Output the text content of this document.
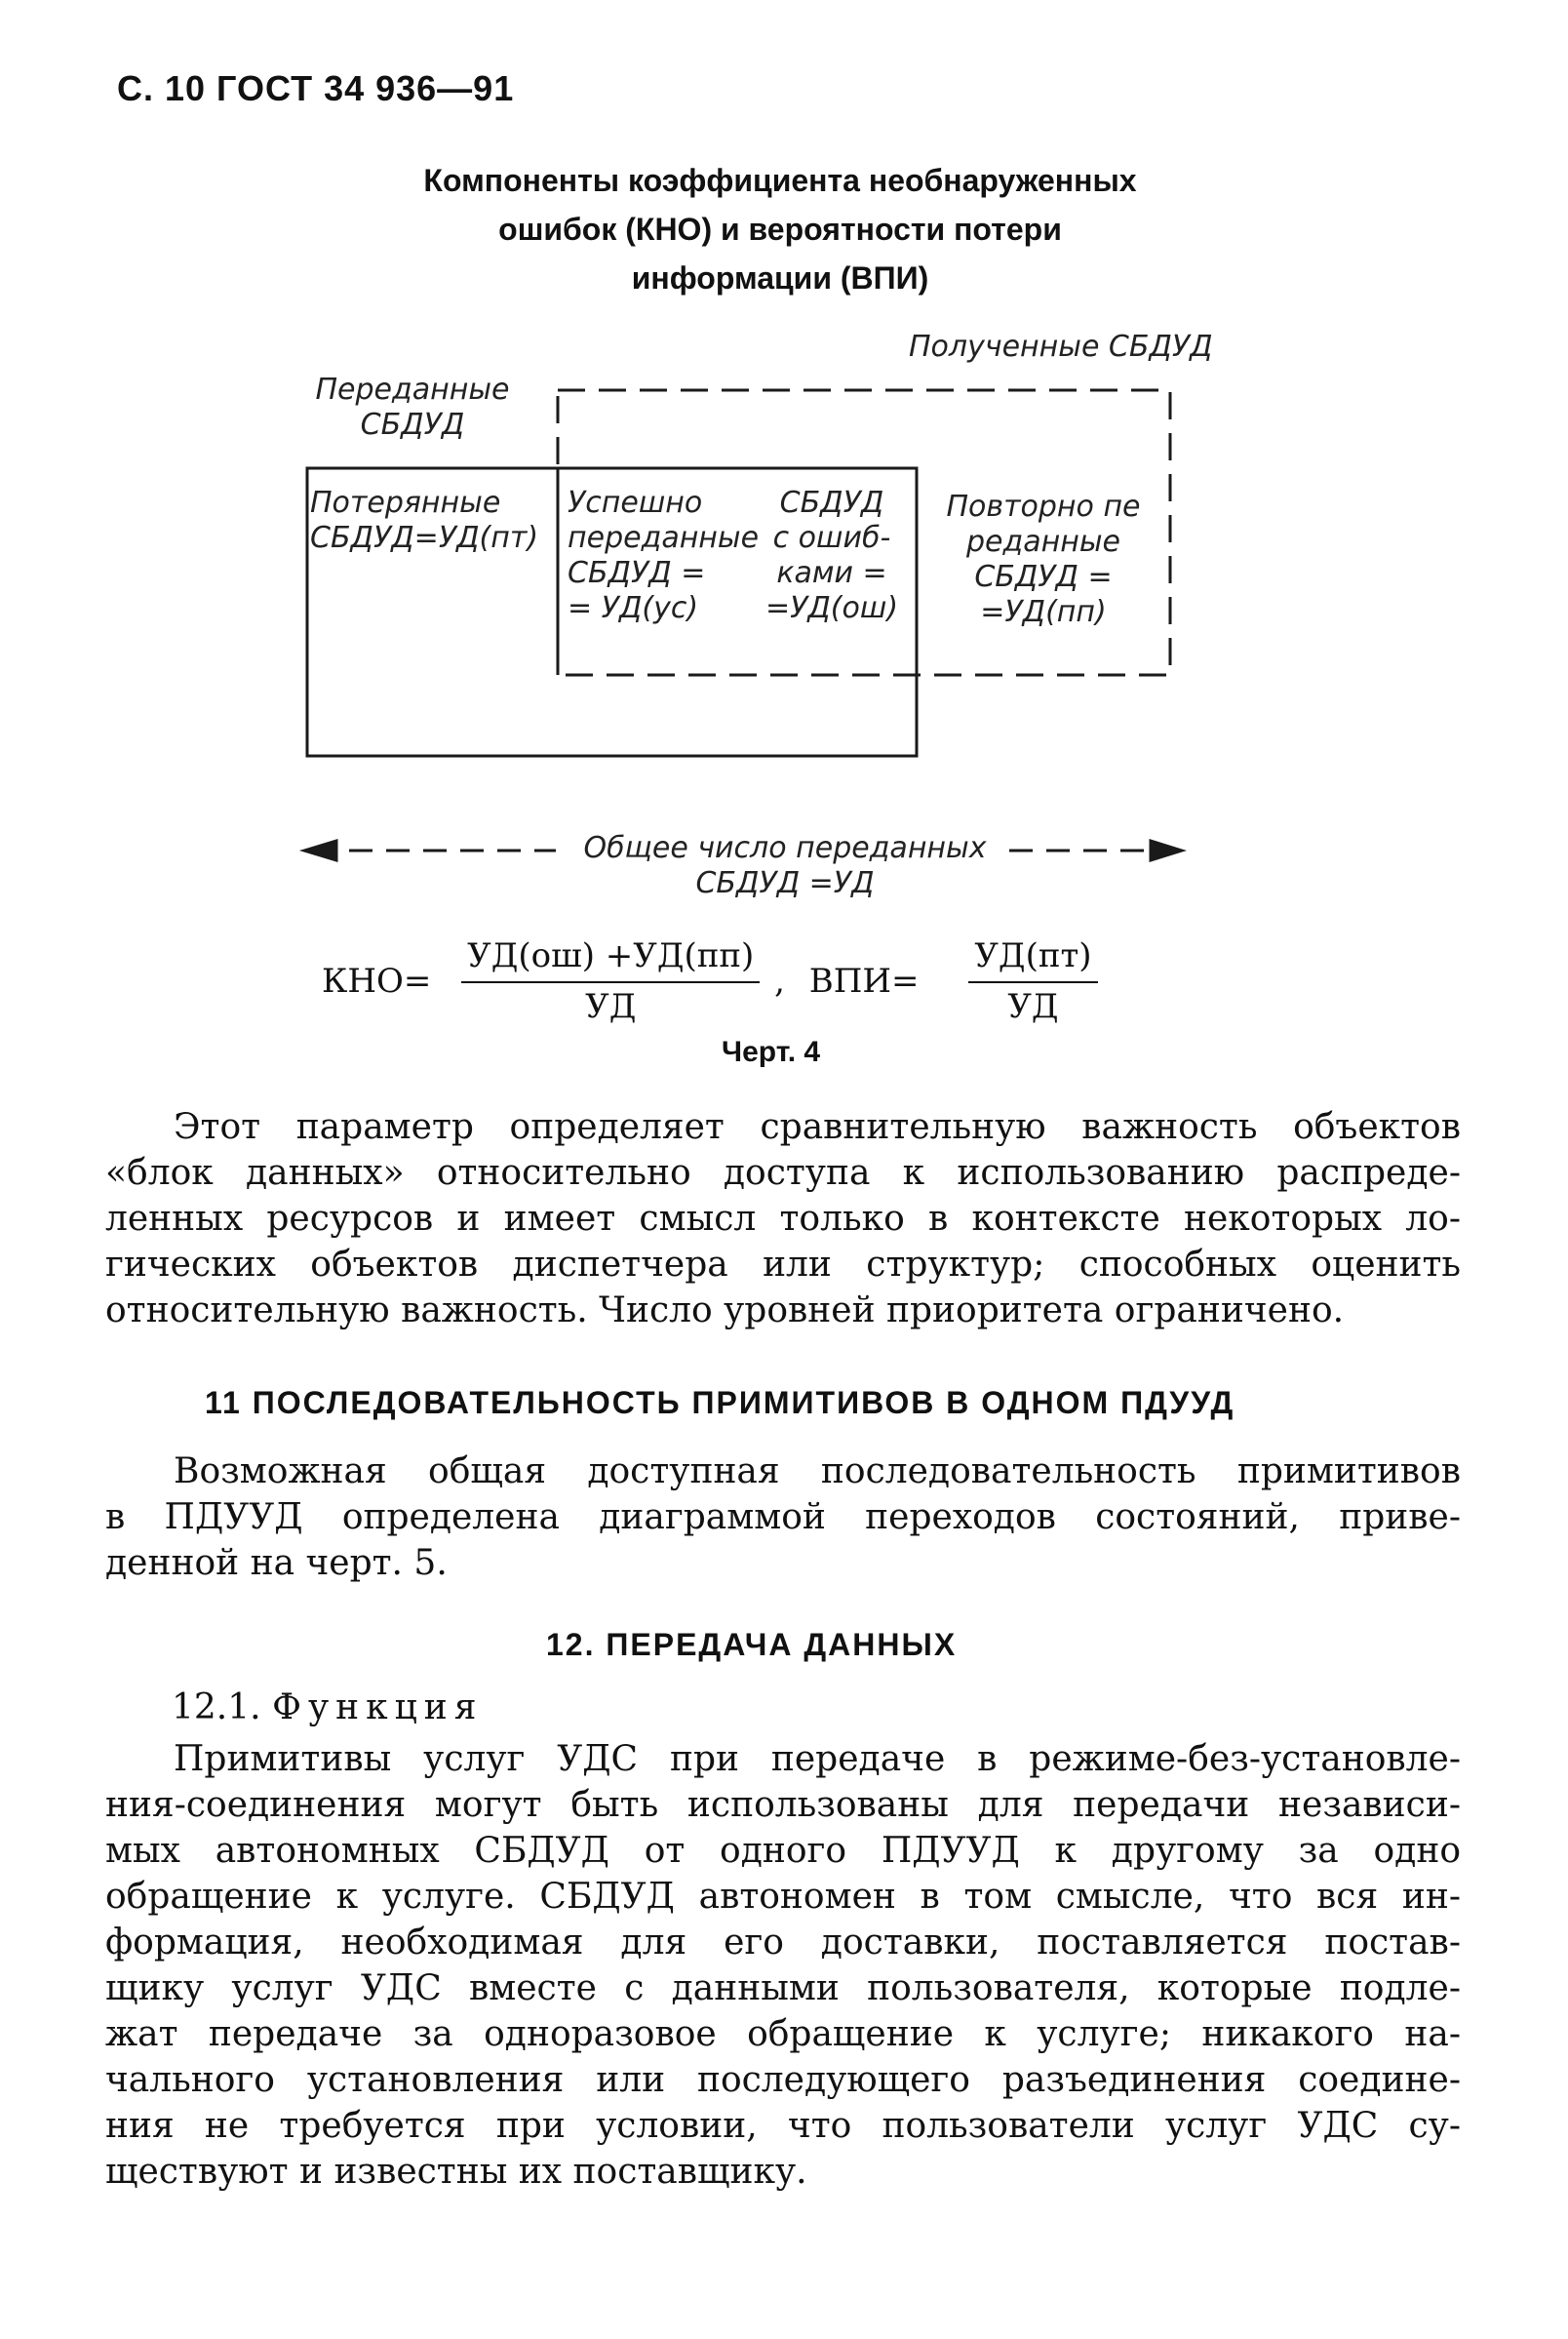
С. 10 ГОСТ 34 936—91
Компоненты коэффициента необнаруженных
ошибок (КНО) и вероятности потери
информации (ВПИ)
Полученные СБДУД
Переданные
СБДУД
Потерянные
СБДУД=УД(пт)
Успешно
переданные
СБДУД =
= УД(ус)
СБДУД
с ошиб-
ками =
=УД(ош)
Повторно пе
реданные
СБДУД =
=УД(пп)
Общее число переданных
СБДУД =УД
$КНО= \frac{УД(ош) +УД(пп)}{УД}$ , $ВПИ= \frac{УД(пт)}{УД}$
Черт. 4
Этот параметр определяет сравнительную важность объектов
«блок данных» относительно доступа к использованию распреде-
ленных ресурсов и имеет смысл только в контексте некоторых ло-
гических объектов диспетчера или структур; способных оценить
относительную важность. Число уровней приоритета ограничено.
11 ПОСЛЕДОВАТЕЛЬНОСТЬ ПРИМИТИВОВ В ОДНОМ ПДУУД
Возможная общая доступная последовательность примитивов
в ПДУУД определена диаграммой переходов состояний, приве-
денной на черт. 5.
12. ПЕРЕДАЧА ДАННЫХ
12.1. Функция
Примитивы услуг УДС при передаче в режиме-без-установле-
ния-соединения могут быть использованы для передачи независи-
мых автономных СБДУД от одного ПДУУД к другому за одно
обращение к услуге. СБДУД автономен в том смысле, что вся ин-
формация, необходимая для его доставки, поставляется постав-
щику услуг УДС вместе с данными пользователя, которые подле-
жат передаче за одноразовое обращение к услуге; никакого на-
чального установления или последующего разъединения соедине-
ния не требуется при условии, что пользователи услуг УДС су-
ществуют и известны их поставщику.
